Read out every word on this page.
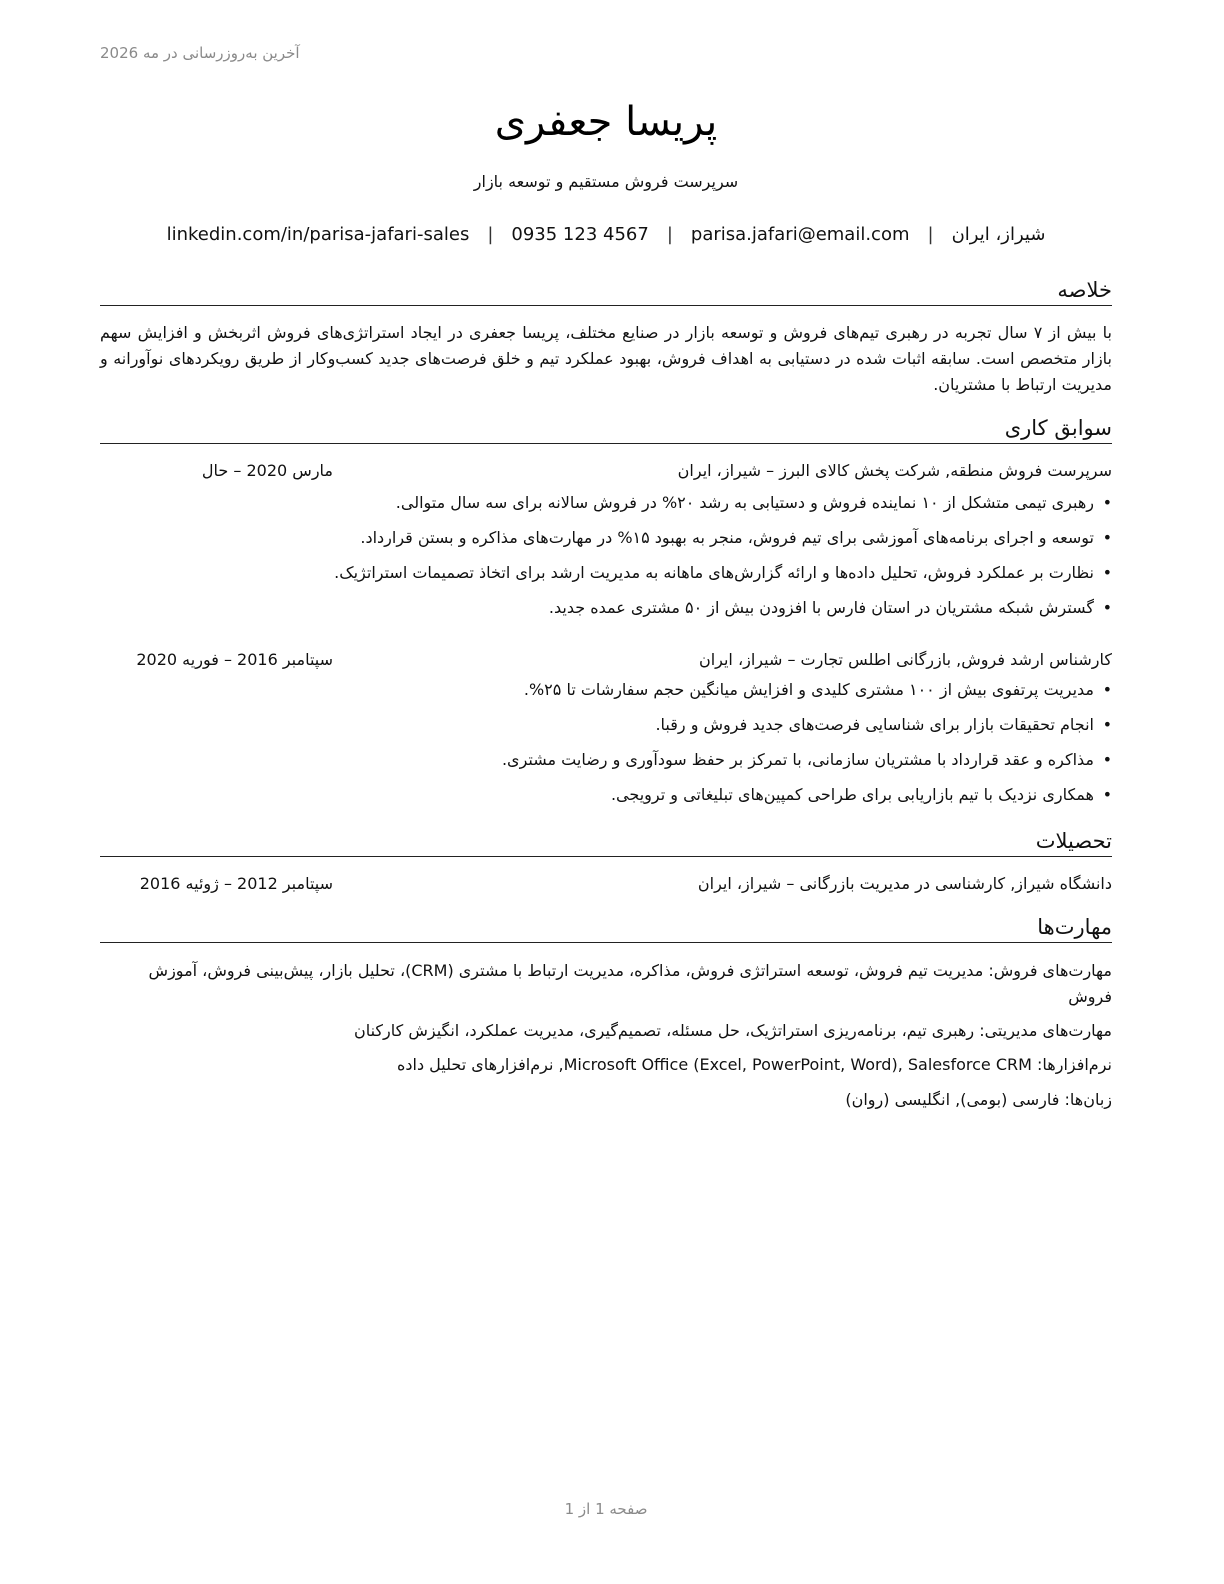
آخرین به‌روزرسانی در مه 2026
پریسا جعفری
سرپرست فروش مستقیم و توسعه بازار
شیراز، ایران
|
parisa.jafari@email.com
|
0935 123 4567
|
linkedin.com/in/parisa-jafari-sales
خلاصه
با بیش از ۷ سال تجربه در رهبری تیم‌های فروش و توسعه بازار در صنایع مختلف، پریسا جعفری در ایجاد استراتژی‌های فروش اثربخش و افزایش سهم بازار متخصص است. سابقه اثبات شده در دستیابی به اهداف فروش، بهبود عملکرد تیم و خلق فرصت‌های جدید کسب‌وکار از طریق رویکردهای نوآورانه و مدیریت ارتباط با مشتریان.
سوابق کاری
سرپرست فروش منطقه, شرکت پخش کالای البرز – شیراز، ایران
مارس 2020 – حال
•
رهبری تیمی متشکل از ۱۰ نماینده فروش و دستیابی به رشد ۲۰% در فروش سالانه برای سه سال متوالی.
•
توسعه و اجرای برنامه‌های آموزشی برای تیم فروش، منجر به بهبود ۱۵% در مهارت‌های مذاکره و بستن قرارداد.
•
نظارت بر عملکرد فروش، تحلیل داده‌ها و ارائه گزارش‌های ماهانه به مدیریت ارشد برای اتخاذ تصمیمات استراتژیک.
•
گسترش شبکه مشتریان در استان فارس با افزودن بیش از ۵۰ مشتری عمده جدید.
کارشناس ارشد فروش, بازرگانی اطلس تجارت – شیراز، ایران
سپتامبر 2016 – فوریه 2020
•
مدیریت پرتفوی بیش از ۱۰۰ مشتری کلیدی و افزایش میانگین حجم سفارشات تا ۲۵%.
•
انجام تحقیقات بازار برای شناسایی فرصت‌های جدید فروش و رقبا.
•
مذاکره و عقد قرارداد با مشتریان سازمانی، با تمرکز بر حفظ سودآوری و رضایت مشتری.
•
همکاری نزدیک با تیم بازاریابی برای طراحی کمپین‌های تبلیغاتی و ترویجی.
تحصیلات
دانشگاه شیراز, کارشناسی در مدیریت بازرگانی – شیراز، ایران
سپتامبر 2012 – ژوئیه 2016
مهارت‌ها
مهارت‌های فروش: مدیریت تیم فروش، توسعه استراتژی فروش، مذاکره، مدیریت ارتباط با مشتری (CRM)، تحلیل بازار، پیش‌بینی فروش، آموزش فروش
مهارت‌های مدیریتی: رهبری تیم، برنامه‌ریزی استراتژیک، حل مسئله، تصمیم‌گیری، مدیریت عملکرد، انگیزش کارکنان
نرم‌افزارها: Microsoft Office (Excel, PowerPoint, Word), Salesforce CRM, نرم‌افزارهای تحلیل داده
زبان‌ها: فارسی (بومی), انگلیسی (روان)
صفحه 1 از 1
